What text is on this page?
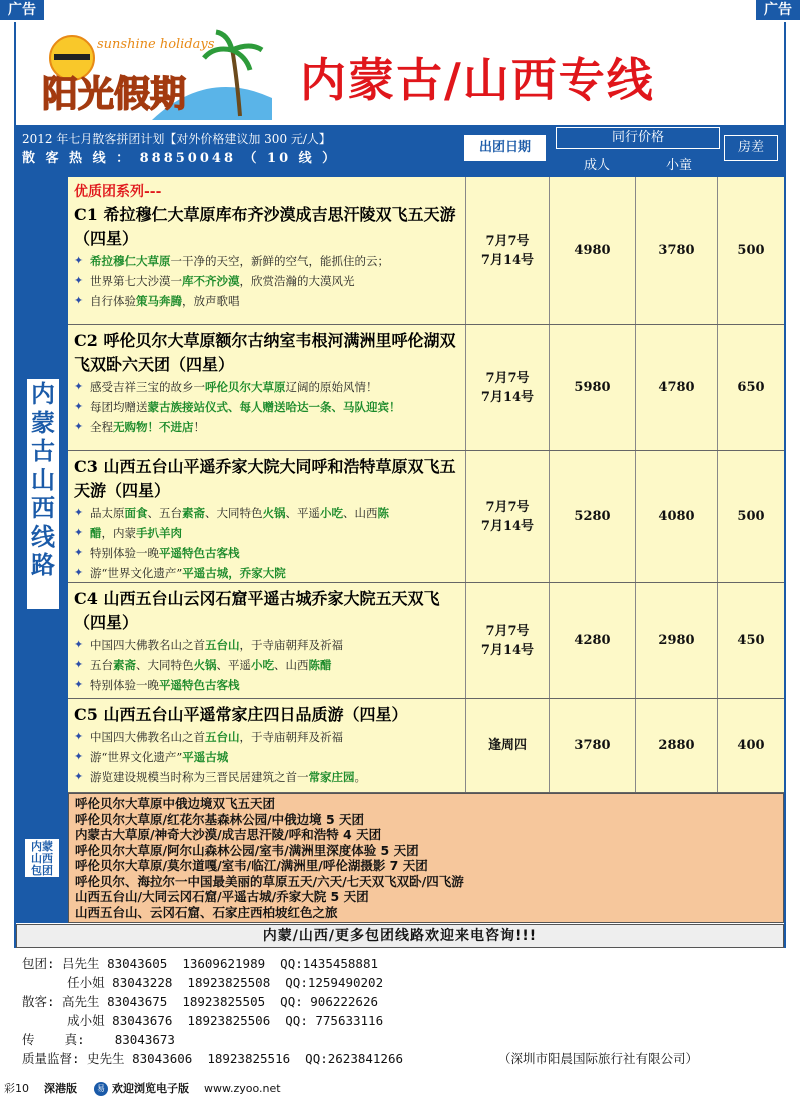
广告	广告
sunshine holidays
阳光假期 内蒙古/山西专线
2012 年七月散客拼团计划【对外价格建议加 300 元/人】
散 客 热 线 ： 88850048 （ 10 线 ）
出团日期
同行价格
成人	小童
房差
内蒙古山西线路
优质团系列---
C1 希拉穆仁大草原库布齐沙漠成吉思汗陵双飞五天游（四星）
✦ 希拉穆仁大草原一干净的天空，新鲜的空气，能抓住的云；
✦ 世界第七大沙漠一库不齐沙漠，欣赏浩瀚的大漠风光
✦ 自行体验策马奔腾，放声歌唱
7月7号
7月14号
4980	3780	500
C2 呼伦贝尔大草原额尔古纳室韦根河满洲里呼伦湖双飞双卧六天团（四星）
✦ 感受吉祥三宝的故乡一呼伦贝尔大草原辽阔的原始风情！
✦ 每团均赠送蒙古族接站仪式、每人赠送哈达一条、马队迎宾！
✦ 全程无购物！不进店！
7月7号
7月14号
5980	4780	650
C3 山西五台山平遥乔家大院大同呼和浩特草原双飞五天游（四星）
✦ 品太原面食、五台素斋、大同特色火锅、平遥小吃、山西陈
✦ 醋，内蒙手扒羊肉
✦ 特别体验一晚平遥特色古客栈
✦ 游“世界文化遗产”平遥古城，乔家大院
7月7号
7月14号
5280	4080	500
C4 山西五台山云冈石窟平遥古城乔家大院五天双飞（四星）
✦ 中国四大佛教名山之首五台山，于寺庙朝拜及祈福
✦ 五台素斋、大同特色火锅、平遥小吃、山西陈醋
✦ 特别体验一晚平遥特色古客栈
7月7号
7月14号
4280	2980	450
C5 山西五台山平遥常家庄四日品质游（四星）
✦ 中国四大佛教名山之首五台山，于寺庙朝拜及祈福
✦ 游“世界文化遗产”平遥古城
✦ 游览建设规模当时称为三晋民居建筑之首一常家庄园。
逢周四	3780	2880	400
内蒙山西包团
呼伦贝尔大草原中俄边境双飞五天团
呼伦贝尔大草原/红花尔基森林公园/中俄边境 5 天团
内蒙古大草原/神奇大沙漠/成吉思汗陵/呼和浩特 4 天团
呼伦贝尔大草原/阿尔山森林公园/室韦/满洲里深度体验 5 天团
呼伦贝尔大草原/莫尔道嘎/室韦/临江/满洲里/呼伦湖摄影 7 天团
呼伦贝尔、海拉尔一中国最美丽的草原五天/六天/七天双飞双卧/四飞游
山西五台山/大同云冈石窟/平遥古城/乔家大院 5 天团
山西五台山、云冈石窟、石家庄西柏坡红色之旅
内蒙/山西/更多包团线路欢迎来电咨询!!!
包团: 吕先生 83043605  13609621989  QQ:1435458881
任小姐 83043228  18923825508  QQ:1259490202
散客: 高先生 83043675  18923825505  QQ: 906222626
成小姐 83043676  18923825506  QQ: 775633116
传    真:    83043673
质量监督: 史先生 83043606  18923825516  QQ:2623841266	（深圳市阳晨国际旅行社有限公司）
彩10 深港版	易 欢迎浏览电子版 www.zyoo.net
